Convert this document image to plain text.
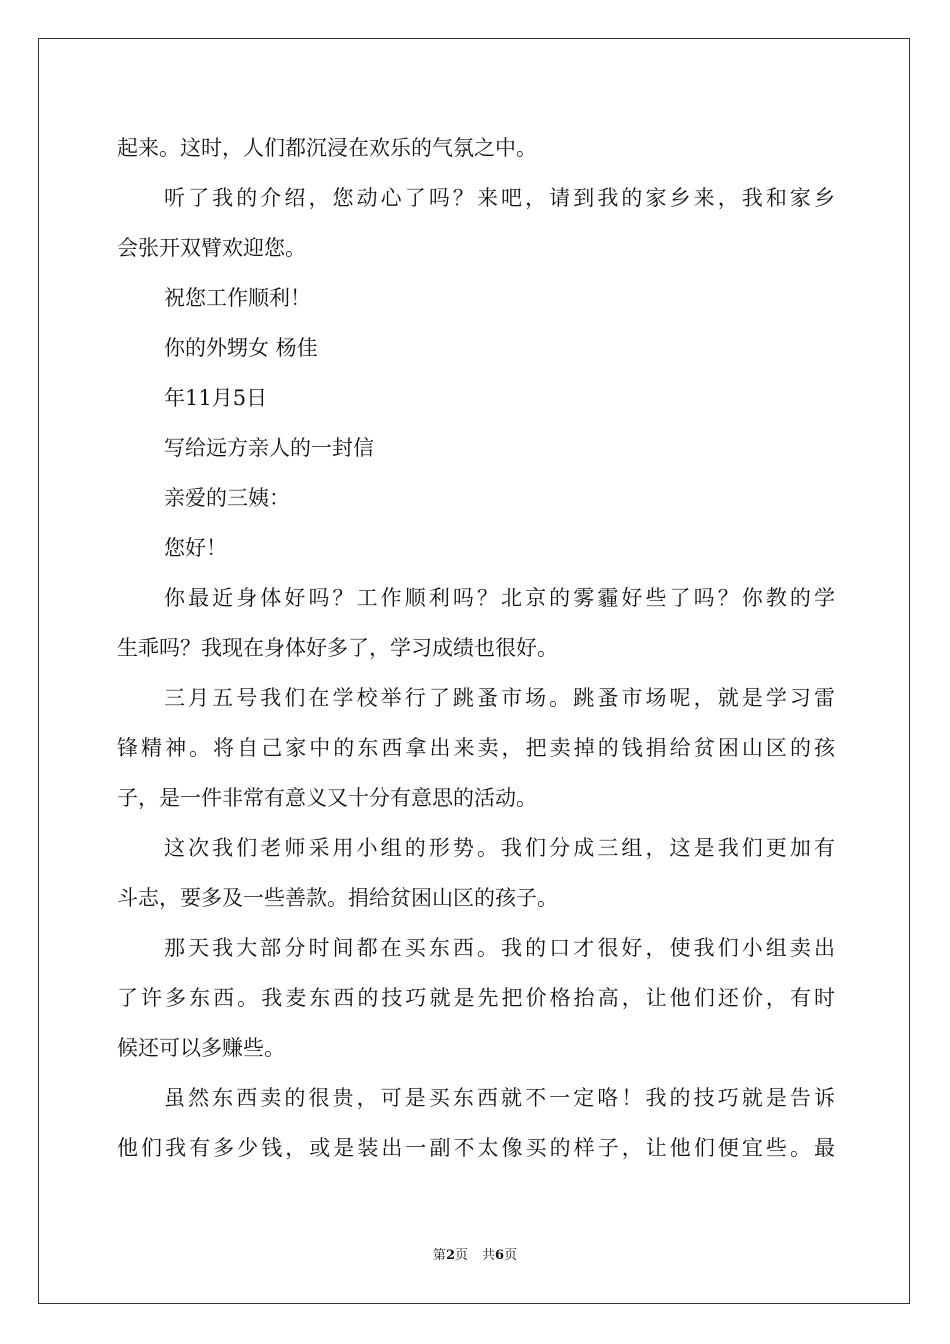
起来。这时，人们都沉浸在欢乐的气氛之中。
听了我的介绍，您动心了吗？来吧，请到我的家乡来，我和家乡
会张开双臂欢迎您。
祝您工作顺利！
你的外甥女 杨佳
年11月5日
写给远方亲人的一封信
亲爱的三姨：
您好！
你最近身体好吗？工作顺利吗？北京的雾霾好些了吗？你教的学
生乖吗？我现在身体好多了，学习成绩也很好。
三月五号我们在学校举行了跳蚤市场。跳蚤市场呢，就是学习雷
锋精神。将自己家中的东西拿出来卖，把卖掉的钱捐给贫困山区的孩
子，是一件非常有意义又十分有意思的活动。
这次我们老师采用小组的形势。我们分成三组，这是我们更加有
斗志，要多及一些善款。捐给贫困山区的孩子。
那天我大部分时间都在买东西。我的口才很好，使我们小组卖出
了许多东西。我麦东西的技巧就是先把价格抬高，让他们还价，有时
候还可以多赚些。
虽然东西卖的很贵，可是买东西就不一定咯！我的技巧就是告诉
他们我有多少钱，或是装出一副不太像买的样子，让他们便宜些。最
第2页 共6页
